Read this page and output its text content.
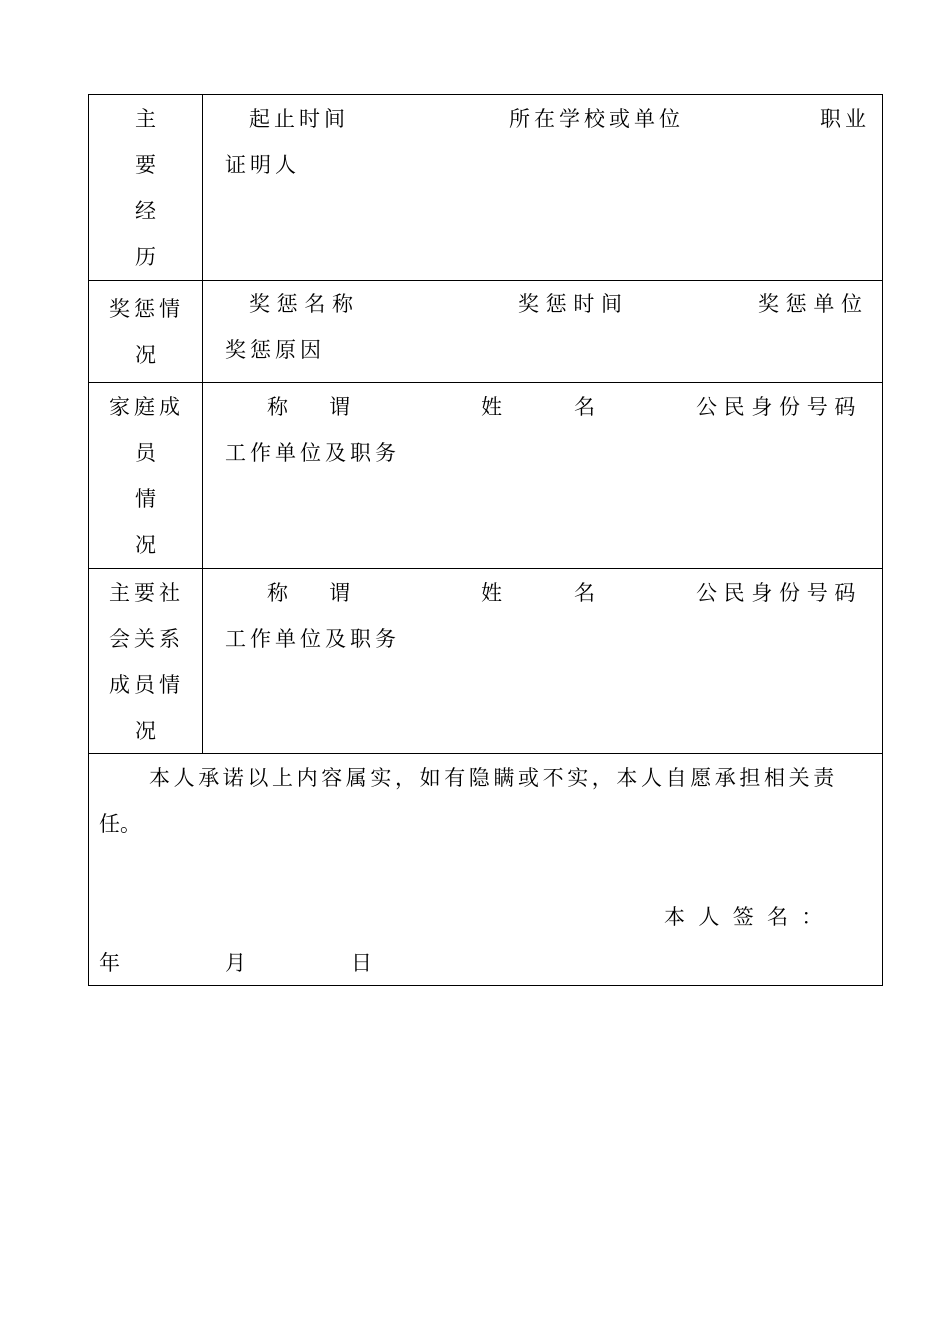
主
要
经
历
起止时间	所在学校或单位	职业
证明人
奖惩情
况
奖 惩 名 称	奖 惩 时 间	奖 惩 单 位
奖惩原因
家庭成
员
情
况
称 谓	姓	名	公 民 身 份 号 码
工作单位及职务
主要社
会关系
成员情
况
称 谓	姓	名	公 民 身 份 号 码
工作单位及职务
本人承诺以上内容属实，如有隐瞒或不实，本人自愿承担相关责
任。
本  人  签  名  ：
年	月	日
